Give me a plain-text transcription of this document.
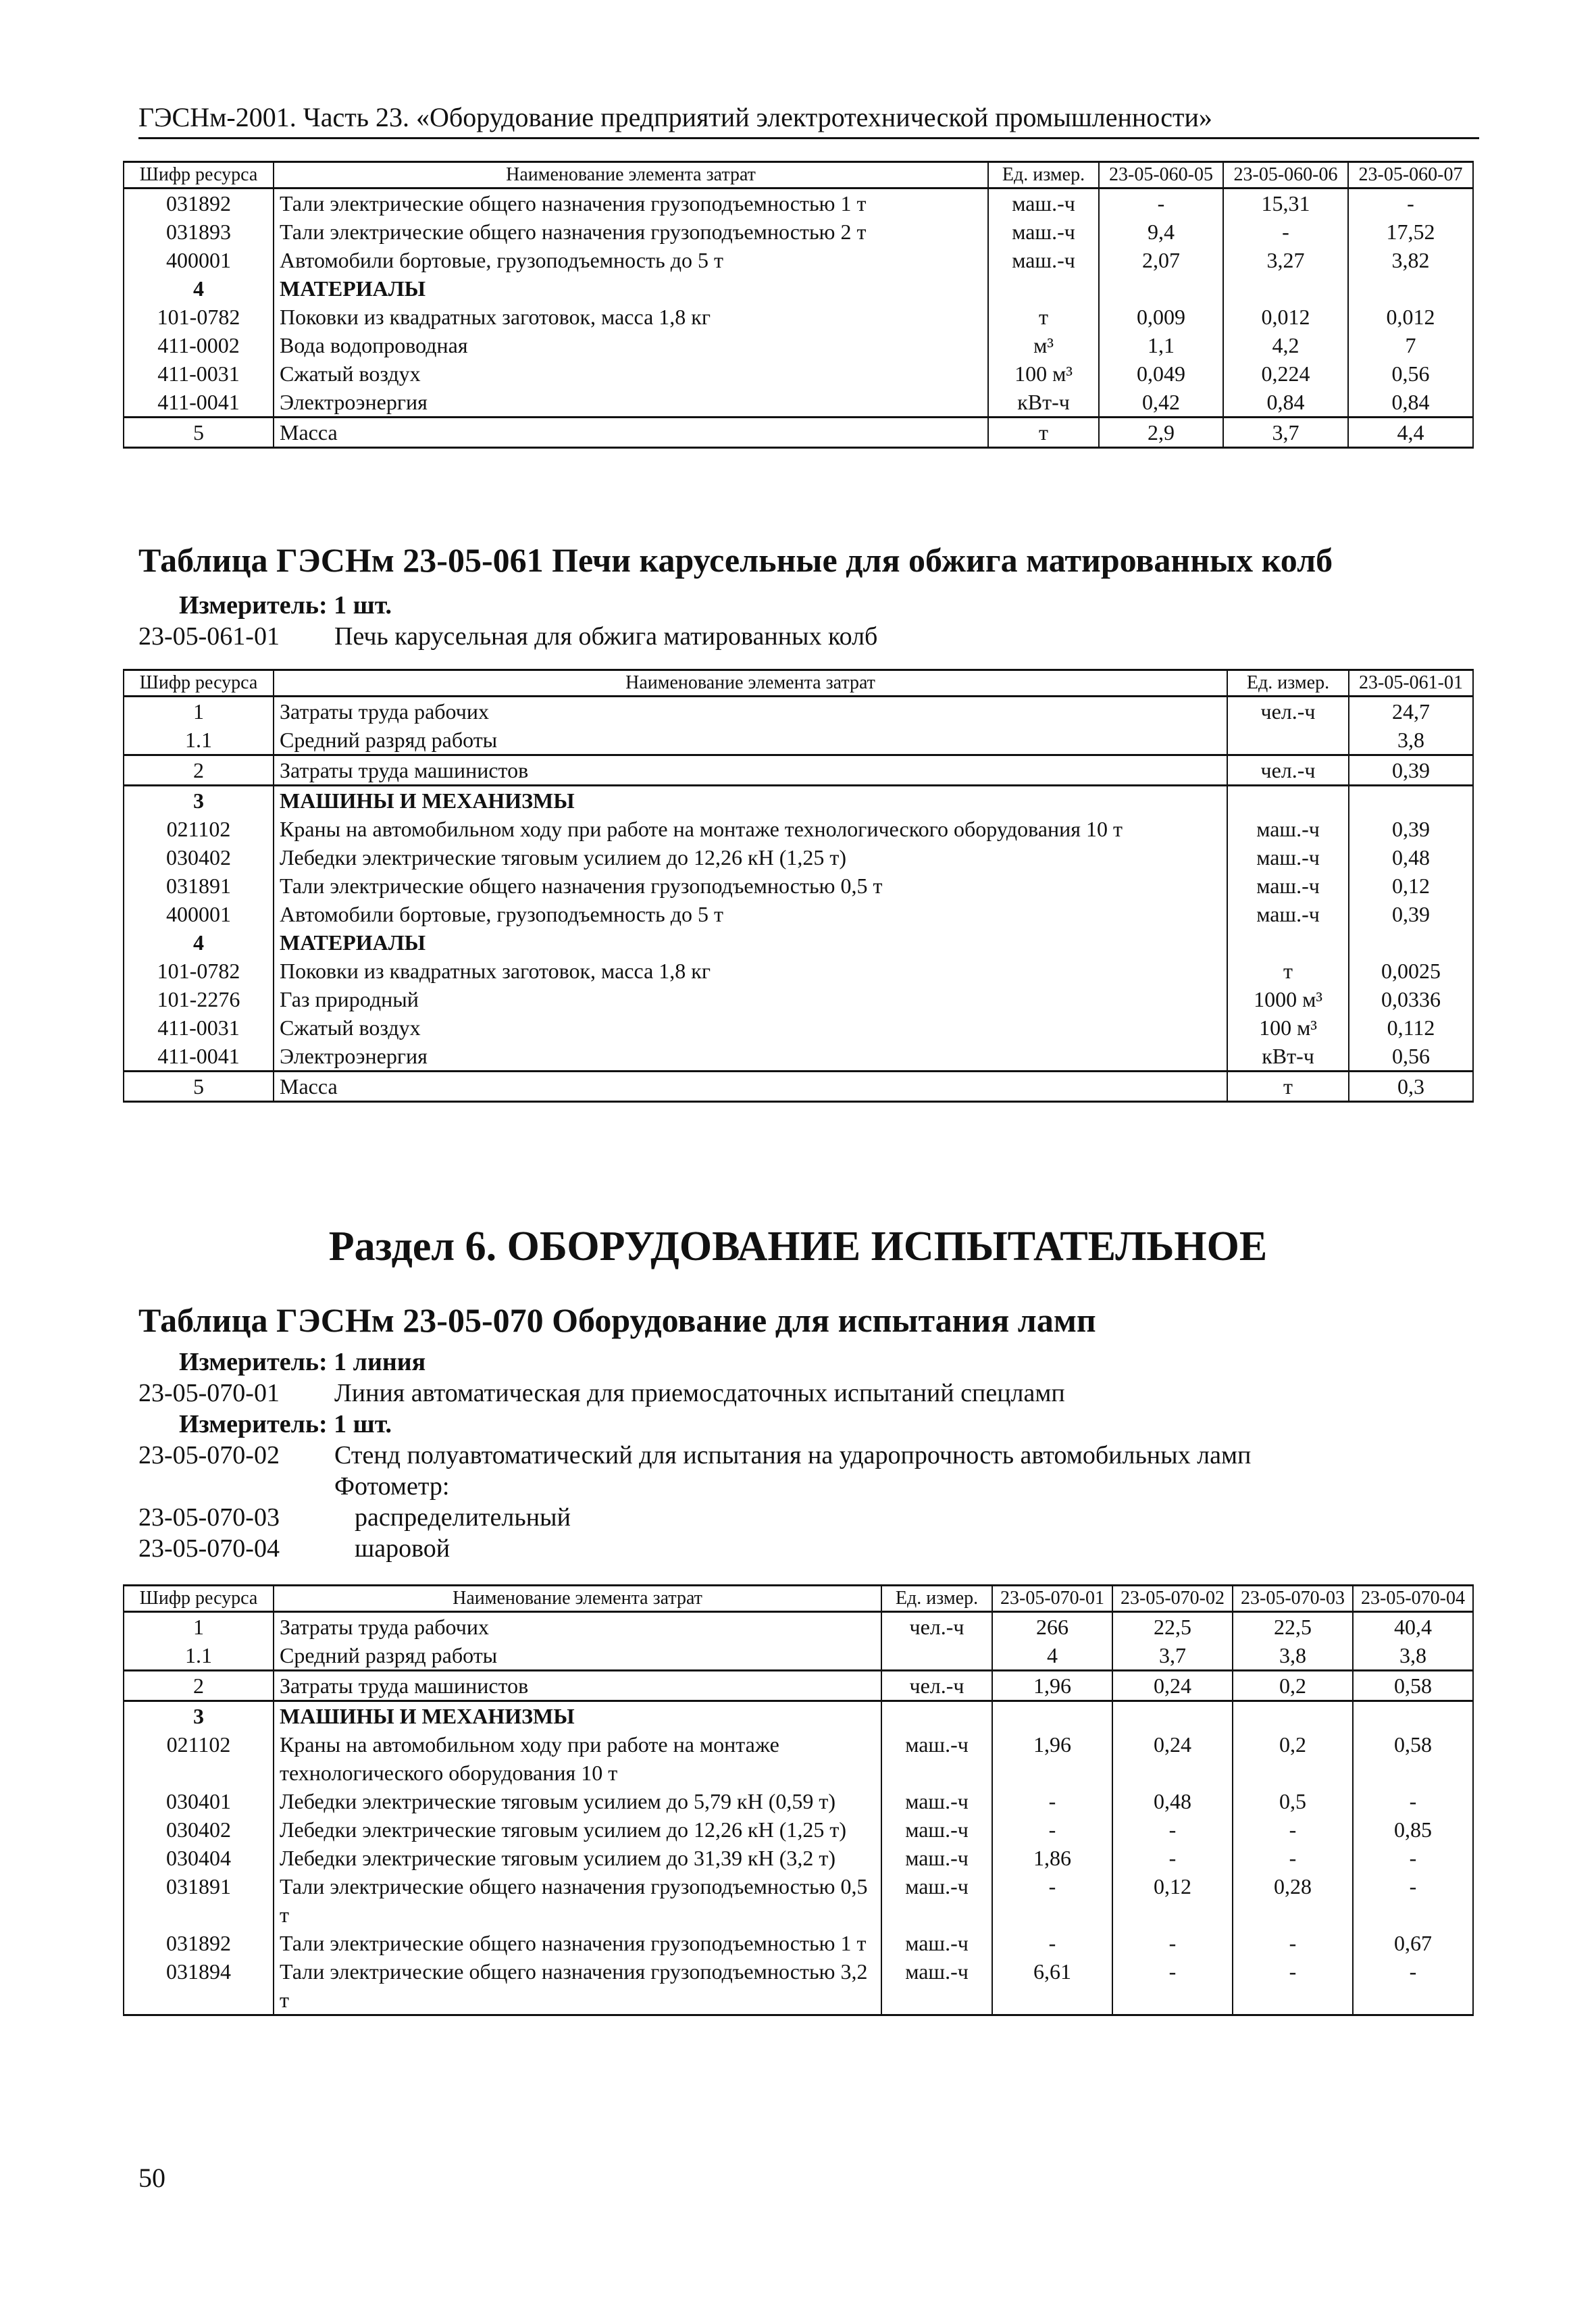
ГЭСНм-2001. Часть 23. «Оборудование предприятий электротехнической промышленности»
Шифр ресурса	Наименование элемента затрат	Ед. измер.	23-05-060-05	23-05-060-06	23-05-060-07
031892	Тали электрические общего назначения грузоподъемностью 1 т	маш.-ч	-	15,31	-
031893	Тали электрические общего назначения грузоподъемностью 2 т	маш.-ч	9,4	-	17,52
400001	Автомобили бортовые, грузоподъемность до 5 т	маш.-ч	2,07	3,27	3,82
4	МАТЕРИАЛЫ				
101-0782	Поковки из квадратных заготовок, масса 1,8 кг	т	0,009	0,012	0,012
411-0002	Вода водопроводная	м³	1,1	4,2	7
411-0031	Сжатый воздух	100 м³	0,049	0,224	0,56
411-0041	Электроэнергия	кВт-ч	0,42	0,84	0,84
5	Масса	т	2,9	3,7	4,4
Таблица ГЭСНм 23-05-061 Печи карусельные для обжига матированных колб
Измеритель: 1 шт.
23-05-061-01 Печь карусельная для обжига матированных колб
Шифр ресурса	Наименование элемента затрат	Ед. измер.	23-05-061-01
1	Затраты труда рабочих	чел.-ч	24,7
1.1	Средний разряд работы		3,8
2	Затраты труда машинистов	чел.-ч	0,39
3	МАШИНЫ И МЕХАНИЗМЫ		
021102	Краны на автомобильном ходу при работе на монтаже технологического оборудования 10 т	маш.-ч	0,39
030402	Лебедки электрические тяговым усилием до 12,26 кН (1,25 т)	маш.-ч	0,48
031891	Тали электрические общего назначения грузоподъемностью 0,5 т	маш.-ч	0,12
400001	Автомобили бортовые, грузоподъемность до 5 т	маш.-ч	0,39
4	МАТЕРИАЛЫ		
101-0782	Поковки из квадратных заготовок, масса 1,8 кг	т	0,0025
101-2276	Газ природный	1000 м³	0,0336
411-0031	Сжатый воздух	100 м³	0,112
411-0041	Электроэнергия	кВт-ч	0,56
5	Масса	т	0,3
Раздел 6. ОБОРУДОВАНИЕ ИСПЫТАТЕЛЬНОЕ
Таблица ГЭСНм 23-05-070 Оборудование для испытания ламп
Измеритель: 1 линия
23-05-070-01 Линия автоматическая для приемосдаточных испытаний спецламп
Измеритель: 1 шт.
23-05-070-02 Стенд полуавтоматический для испытания на ударопрочность автомобильных ламп
Фотометр:
23-05-070-03	распределительный
23-05-070-04	шаровой
Шифр ресурса	Наименование элемента затрат	Ед. измер.	23-05-070-01	23-05-070-02	23-05-070-03	23-05-070-04
1	Затраты труда рабочих	чел.-ч	266	22,5	22,5	40,4
1.1	Средний разряд работы		4	3,7	3,8	3,8
2	Затраты труда машинистов	чел.-ч	1,96	0,24	0,2	0,58
3	МАШИНЫ И МЕХАНИЗМЫ					
021102	Краны на автомобильном ходу при работе на монтаже технологического оборудования 10 т	маш.-ч	1,96	0,24	0,2	0,58
030401	Лебедки электрические тяговым усилием до 5,79 кН (0,59 т)	маш.-ч	-	0,48	0,5	-
030402	Лебедки электрические тяговым усилием до 12,26 кН (1,25 т)	маш.-ч	-	-	-	0,85
030404	Лебедки электрические тяговым усилием до 31,39 кН (3,2 т)	маш.-ч	1,86	-	-	-
031891	Тали электрические общего назначения грузоподъемностью 0,5 т	маш.-ч	-	0,12	0,28	-
031892	Тали электрические общего назначения грузоподъемностью 1 т	маш.-ч	-	-	-	0,67
031894	Тали электрические общего назначения грузоподъемностью 3,2 т	маш.-ч	6,61	-	-	-
50
